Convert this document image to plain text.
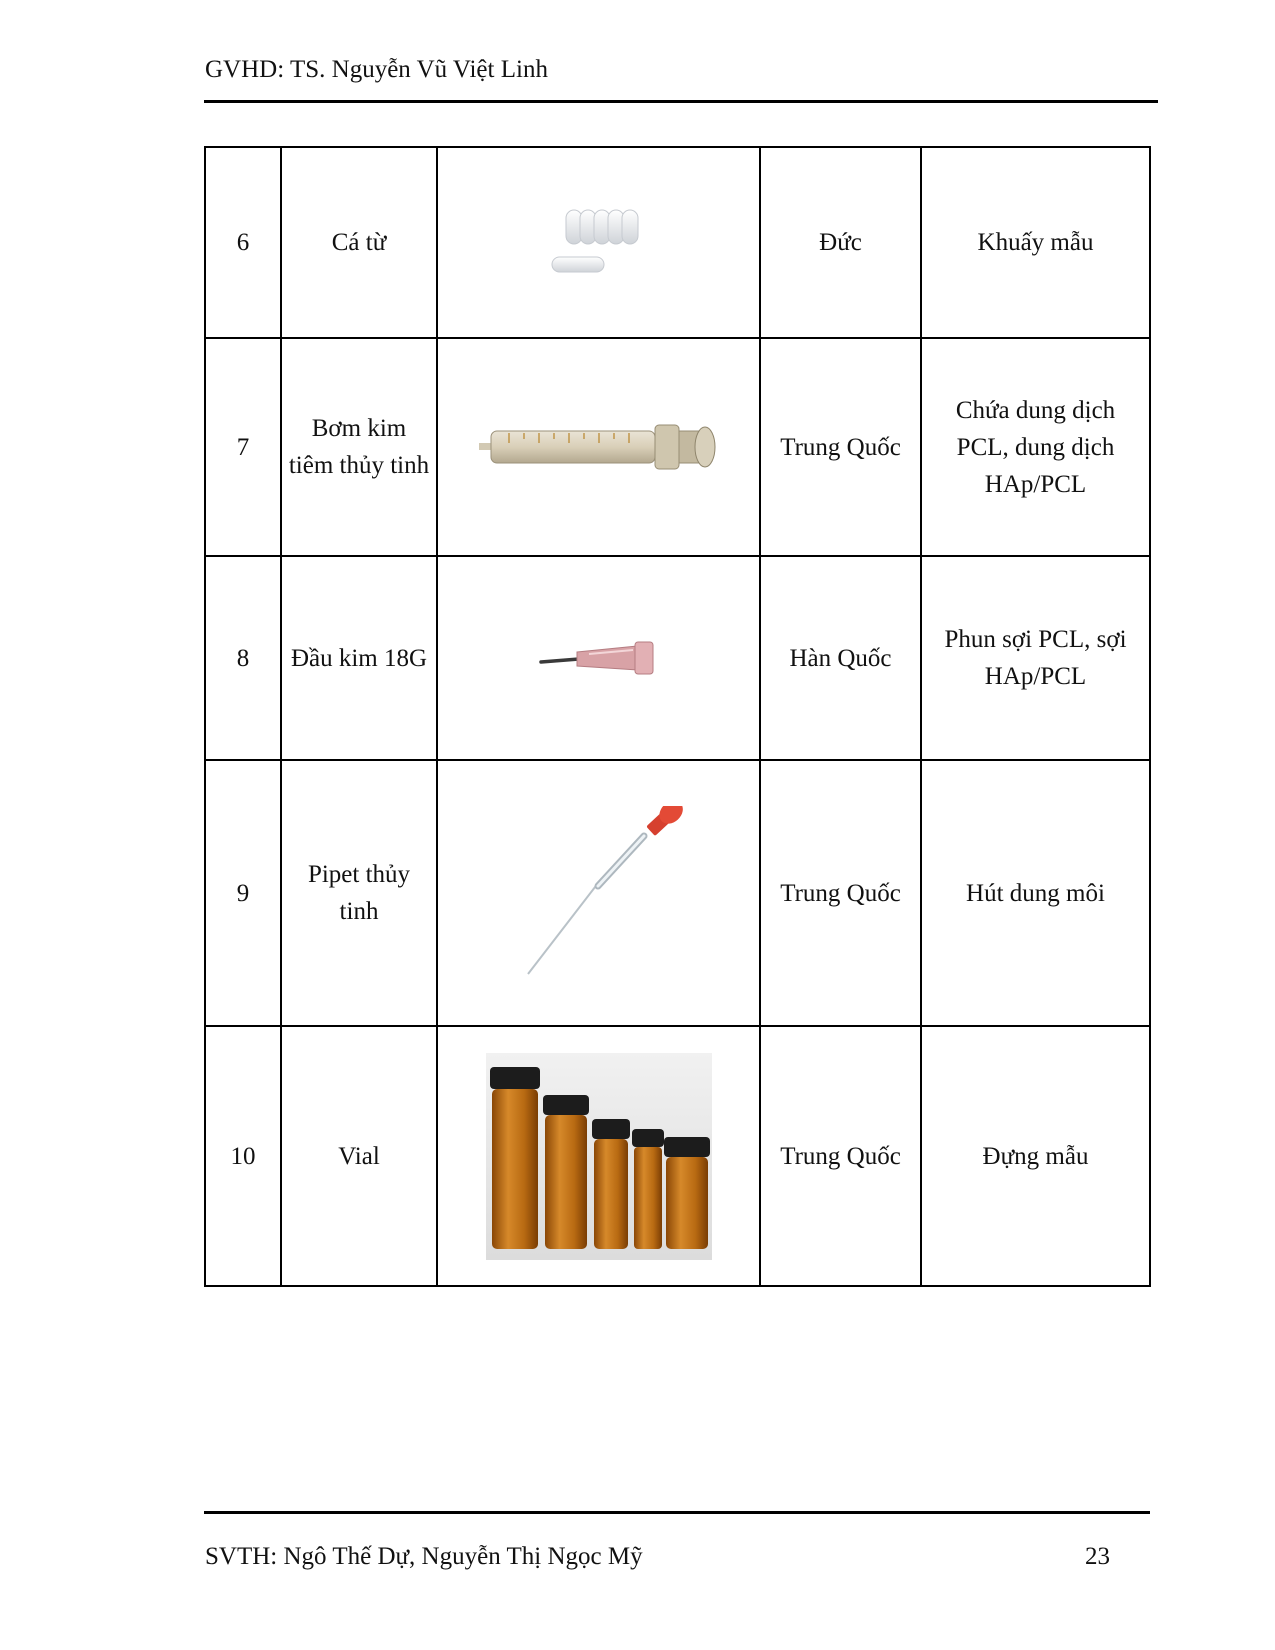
GVHD: TS. Nguyễn Vũ Việt Linh
6	Cá từ		Đức	Khuấy mẫu
7	Bơm kim tiêm thủy tinh		Trung Quốc	Chứa dung dịch PCL, dung dịch HAp/PCL
8	Đầu kim 18G		Hàn Quốc	Phun sợi PCL, sợi HAp/PCL
9	Pipet thủy tinh		Trung Quốc	Hút dung môi
10	Vial		Trung Quốc	Đựng mẫu
SVTH: Ngô Thế Dự, Nguyễn Thị Ngọc Mỹ	23
